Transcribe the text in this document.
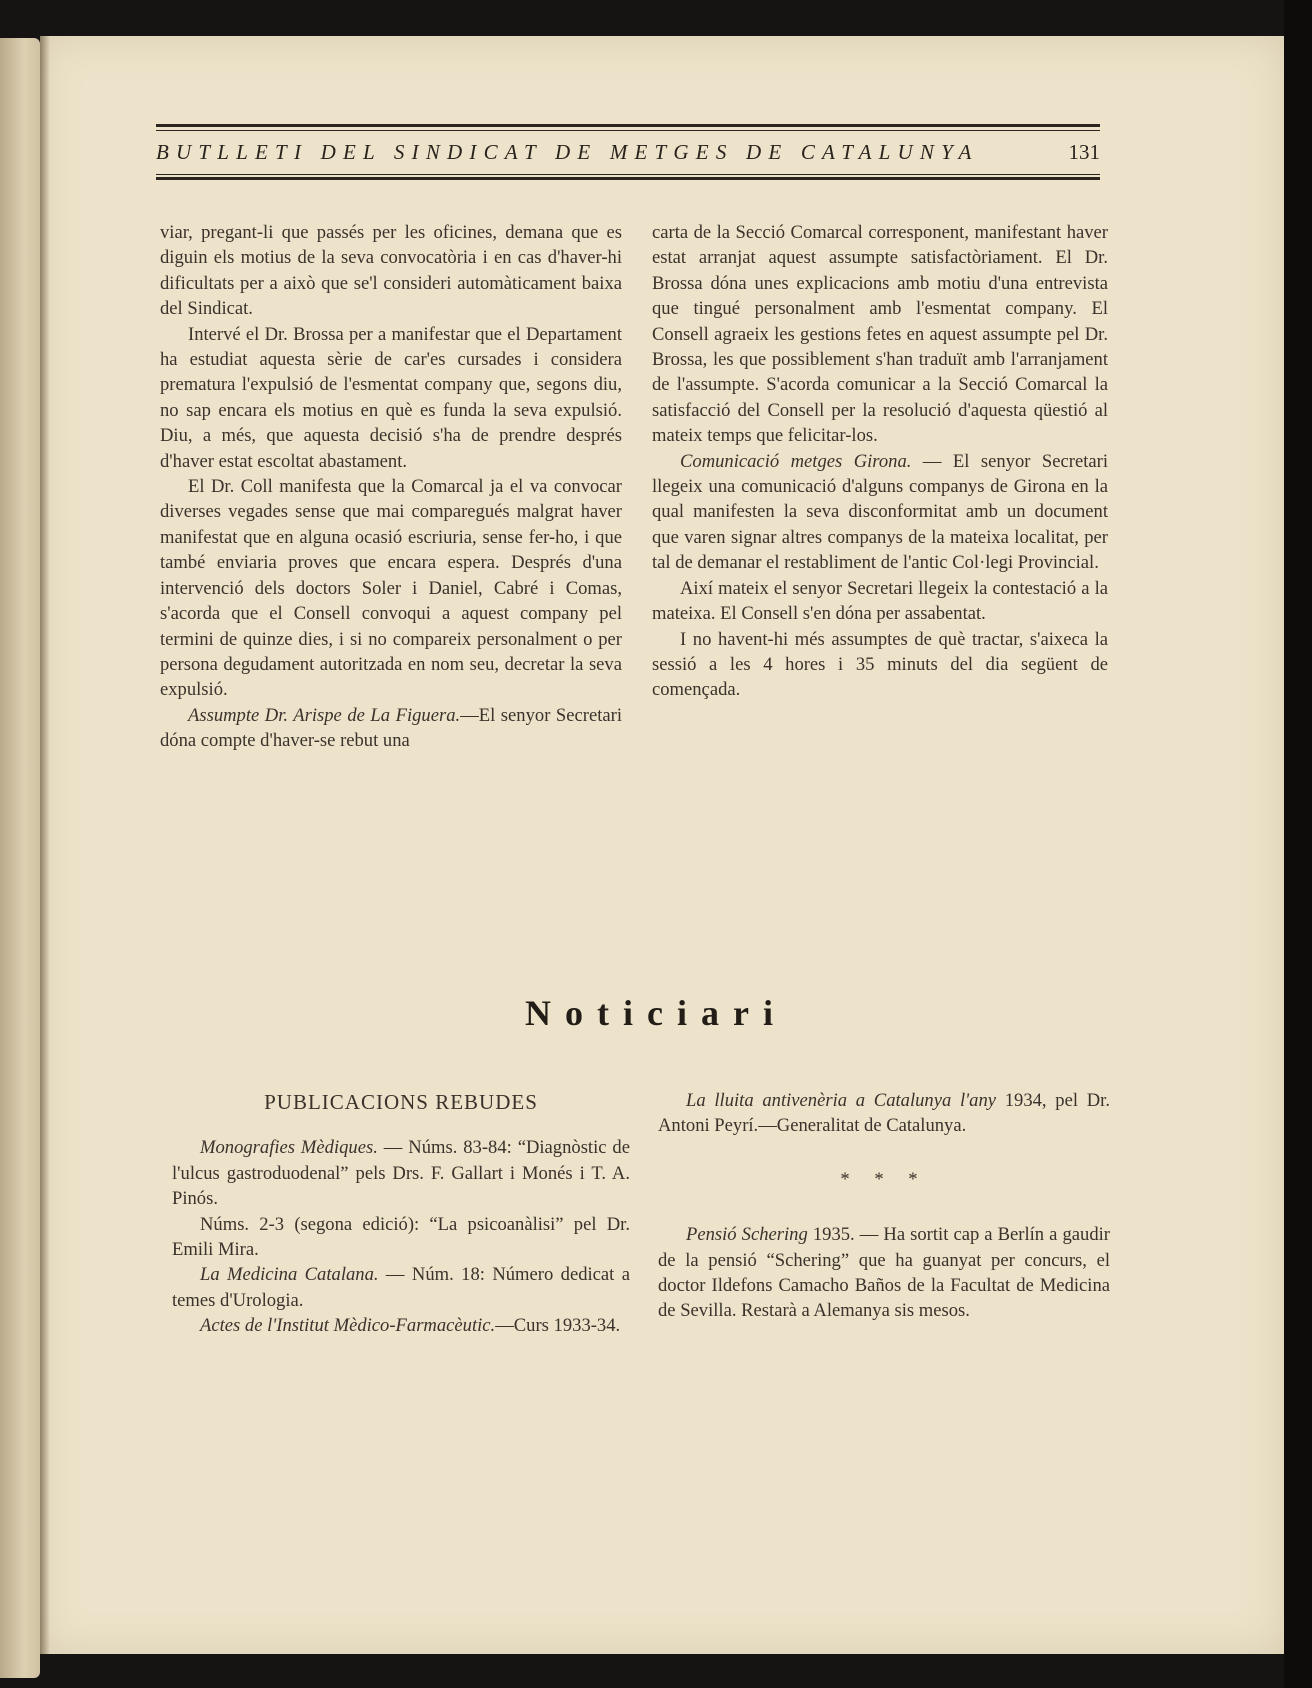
BUTLLETI DEL SINDICAT DE METGES DE CATALUNYA	131

viar, pregant-li que passés per les oficines, demana que es diguin els motius de la seva convocatòria i en cas d'haver-hi dificultats per a això que se'l consideri automàticament baixa del Sindicat.

Intervé el Dr. Brossa per a manifestar que el Departament ha estudiat aquesta sèrie de car'es cursades i considera prematura l'expulsió de l'esmentat company que, segons diu, no sap encara els motius en què es funda la seva expulsió. Diu, a més, que aquesta decisió s'ha de prendre després d'haver estat escoltat abastament.

El Dr. Coll manifesta que la Comarcal ja el va convocar diverses vegades sense que mai comparegués malgrat haver manifestat que en alguna ocasió escriuria, sense fer-ho, i que també enviaria proves que encara espera. Després d'una intervenció dels doctors Soler i Daniel, Cabré i Comas, s'acorda que el Consell convoqui a aquest company pel termini de quinze dies, i si no compareix personalment o per persona degudament autoritzada en nom seu, decretar la seva expulsió.

Assumpte Dr. Arispe de La Figuera.—El senyor Secretari dóna compte d'haver-se rebut una

carta de la Secció Comarcal corresponent, manifestant haver estat arranjat aquest assumpte satisfactòriament. El Dr. Brossa dóna unes explicacions amb motiu d'una entrevista que tingué personalment amb l'esmentat company. El Consell agraeix les gestions fetes en aquest assumpte pel Dr. Brossa, les que possiblement s'han traduït amb l'arranjament de l'assumpte. S'acorda comunicar a la Secció Comarcal la satisfacció del Consell per la resolució d'aquesta qüestió al mateix temps que felicitar-los.

Comunicació metges Girona. — El senyor Secretari llegeix una comunicació d'alguns companys de Girona en la qual manifesten la seva disconformitat amb un document que varen signar altres companys de la mateixa localitat, per tal de demanar el restabliment de l'antic Col·legi Provincial.

Així mateix el senyor Secretari llegeix la contestació a la mateixa. El Consell s'en dóna per assabentat.

I no havent-hi més assumptes de què tractar, s'aixeca la sessió a les 4 hores i 35 minuts del dia següent de començada.

Noticiari

PUBLICACIONS REBUDES

Monografies Mèdiques. — Núms. 83-84: “Diagnòstic de l'ulcus gastroduodenal” pels Drs. F. Gallart i Monés i T. A. Pinós.

Núms. 2-3 (segona edició): “La psicoanàlisi” pel Dr. Emili Mira.

La Medicina Catalana. — Núm. 18: Número dedicat a temes d'Urologia.

Actes de l'Institut Mèdico-Farmacèutic.—Curs 1933-34.

La lluita antivenèria a Catalunya l'any 1934, pel Dr. Antoni Peyrí.—Generalitat de Catalunya.

* * *

Pensió Schering 1935. — Ha sortit cap a Berlín a gaudir de la pensió “Schering” que ha guanyat per concurs, el doctor Ildefons Camacho Baños de la Facultat de Medicina de Sevilla. Restarà a Alemanya sis mesos.
